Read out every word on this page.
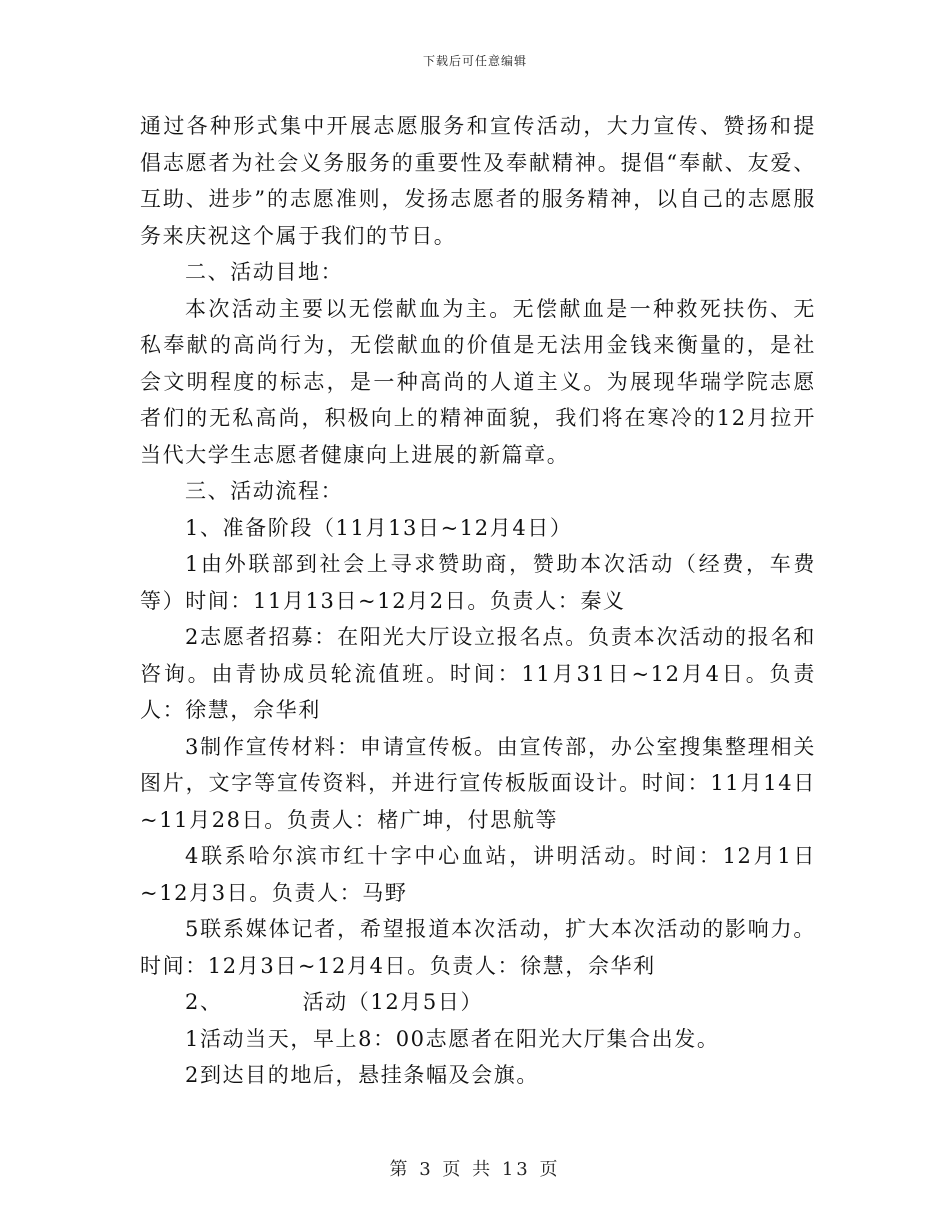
下载后可任意编辑

通过各种形式集中开展志愿服务和宣传活动，大力宣传、赞扬和提倡志愿者为社会义务服务的重要性及奉献精神。提倡“奉献、友爱、互助、进步”的志愿准则，发扬志愿者的服务精神，以自己的志愿服务来庆祝这个属于我们的节日。

二、活动目地：

本次活动主要以无偿献血为主。无偿献血是一种救死扶伤、无私奉献的高尚行为，无偿献血的价值是无法用金钱来衡量的，是社会文明程度的标志，是一种高尚的人道主义。为展现华瑞学院志愿者们的无私高尚，积极向上的精神面貌，我们将在寒冷的12月拉开当代大学生志愿者健康向上进展的新篇章。

三、活动流程：

1、准备阶段（11月13日~12月4日）

1由外联部到社会上寻求赞助商，赞助本次活动（经费，车费等）时间：11月13日~12月2日。负责人：秦义

2志愿者招募：在阳光大厅设立报名点。负责本次活动的报名和咨询。由青协成员轮流值班。时间：11月31日~12月4日。负责人：徐慧，佘华利

3制作宣传材料：申请宣传板。由宣传部，办公室搜集整理相关图片，文字等宣传资料，并进行宣传板版面设计。时间：11月14日~11月28日。负责人：楮广坤，付思航等

4联系哈尔滨市红十字中心血站，讲明活动。时间：12月1日~12月3日。负责人：马野

5联系媒体记者，希望报道本次活动，扩大本次活动的影响力。时间：12月3日~12月4日。负责人：徐慧，佘华利

2、	活动（12月5日）

1活动当天，早上8：00志愿者在阳光大厅集合出发。

2到达目的地后，悬挂条幅及会旗。

第 3 页 共 13 页
